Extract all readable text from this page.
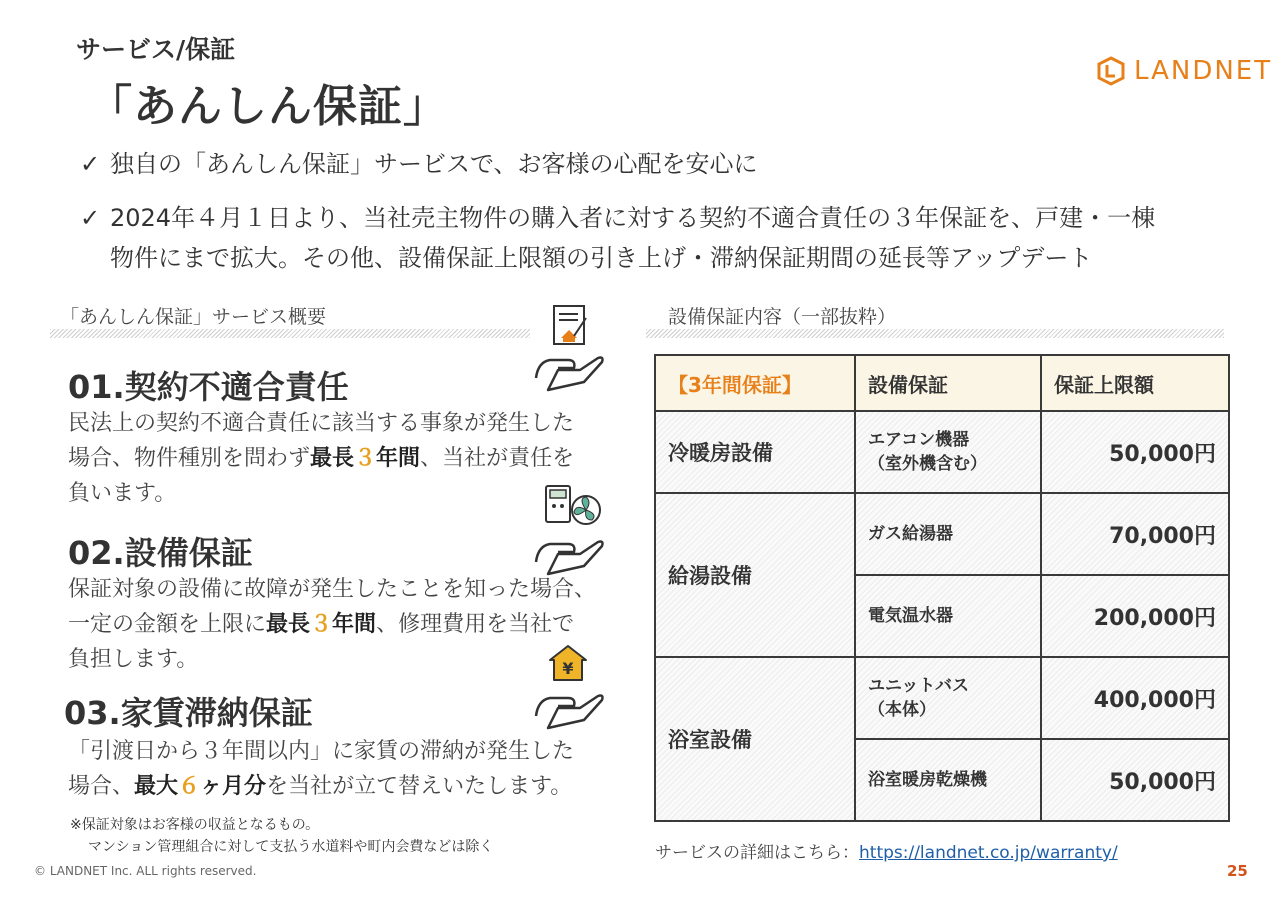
サービス/保証
「あんしん保証」
LANDNET
✓ 独自の「あんしん保証」サービスで、お客様の心配を安心に
✓ 2024年４月１日より、当社売主物件の購入者に対する契約不適合責任の３年保証を、戸建・一棟
物件にまで拡大。その他、設備保証上限額の引き上げ・滞納保証期間の延長等アップデート
「あんしん保証」サービス概要
01.契約不適合責任
民法上の契約不適合責任に該当する事象が発生した
場合、物件種別を問わず最長３年間、当社が責任を
負います。
02.設備保証
保証対象の設備に故障が発生したことを知った場合、
一定の金額を上限に最長３年間、修理費用を当社で
負担します。
03.家賃滞納保証
「引渡日から３年間以内」に家賃の滞納が発生した
場合、最大６ヶ月分を当社が立て替えいたします。
¥
※保証対象はお客様の収益となるもの。
マンション管理組合に対して支払う水道料や町内会費などは除く
設備保証内容（一部抜粋）
【3年間保証】	設備保証	保証上限額
冷暖房設備	エアコン機器
（室外機含む）	50,000円
給湯設備	ガス給湯器	70,000円
	電気温水器	200,000円
浴室設備	ユニットバス
（本体）	400,000円
	浴室暖房乾燥機	50,000円
サービスの詳細はこちら：https://landnet.co.jp/warranty/
© LANDNET Inc. ALL rights reserved.	25
